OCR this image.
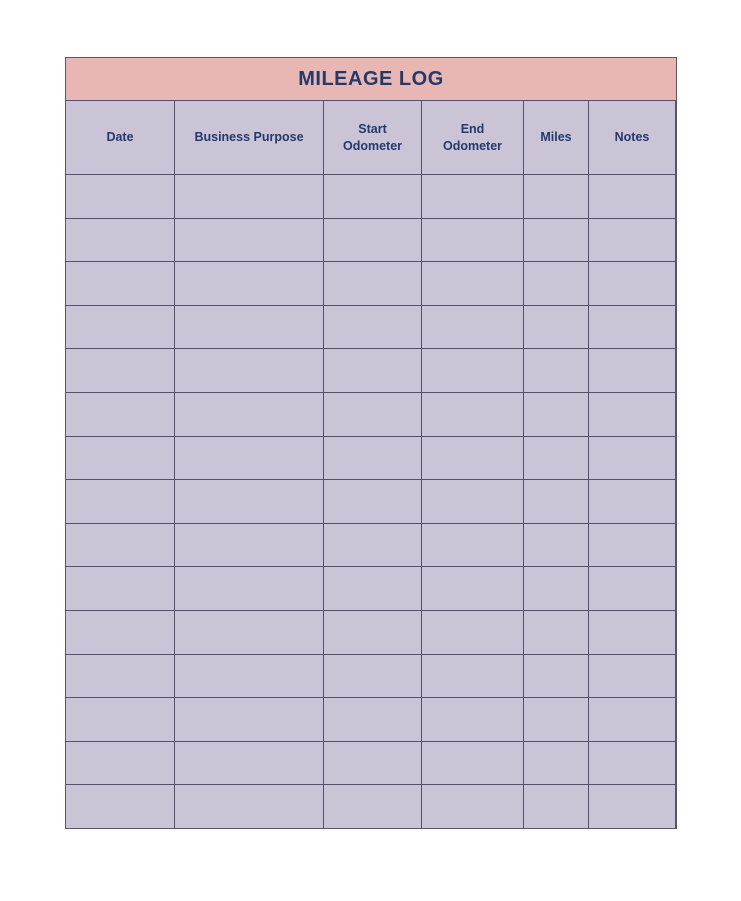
MILEAGE LOG
Date	Business Purpose
Start Odometer
End Odometer
Miles	Notes
